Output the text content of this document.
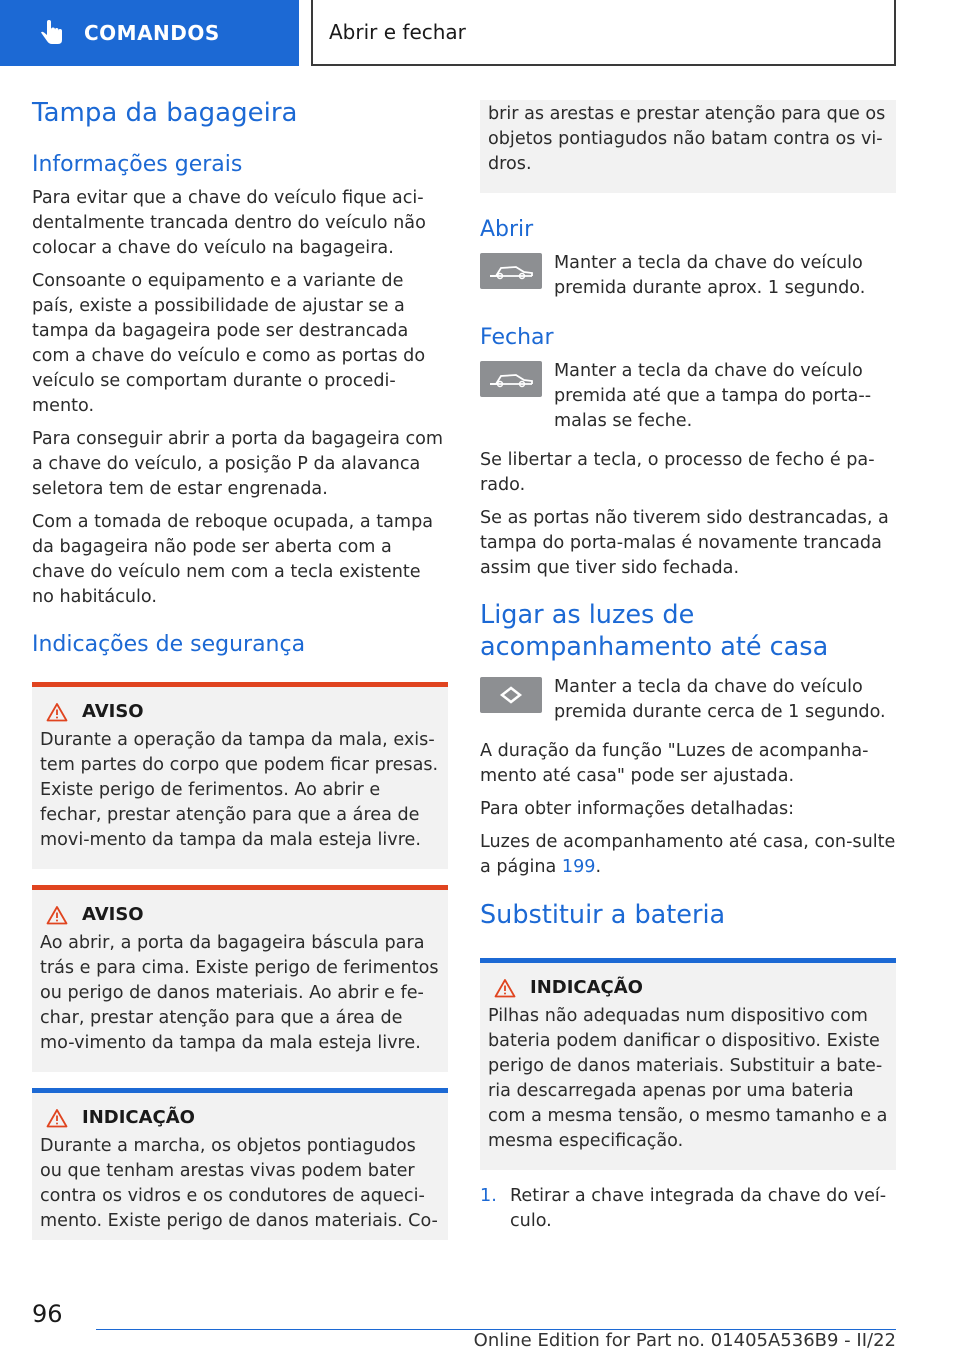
COMANDOS	Abrir e fechar
Tampa da bagageira
Informações gerais

Para evitar que a chave do veículo fique aci-dentalmente trancada dentro do veículo não colocar a chave do veículo na bagageira.

Consoante o equipamento e a variante de país, existe a possibilidade de ajustar se a tampa da bagageira pode ser destrancada com a chave do veículo e como as portas do veículo se comportam durante o procedi-mento.

Para conseguir abrir a porta da bagageira com a chave do veículo, a posição P da alavanca seletora tem de estar engrenada.

Com a tomada de reboque ocupada, a tampa da bagageira não pode ser aberta com a chave do veículo nem com a tecla existente no habitáculo.

Indicações de segurança
AVISO

Durante a operação da tampa da mala, exis-tem partes do corpo que podem ficar presas. Existe perigo de ferimentos. Ao abrir e fechar, prestar atenção para que a área de movi-mento da tampa da mala esteja livre.

AVISO

Ao abrir, a porta da bagageira báscula para trás e para cima. Existe perigo de ferimentos ou perigo de danos materiais. Ao abrir e fe-char, prestar atenção para que a área de mo-vimento da tampa da mala esteja livre.

INDICAÇÃO

Durante a marcha, os objetos pontiagudos ou que tenham arestas vivas podem bater contra os vidros e os condutores de aqueci-mento. Existe perigo de danos materiais. Co-

brir as arestas e prestar atenção para que os objetos pontiagudos não batam contra os vi-dros.

Abrir
Manter a tecla da chave do veículo premida durante aprox. 1 segundo.
Fechar
Manter a tecla da chave do veículo premida até que a tampa do porta--malas se feche.

Se libertar a tecla, o processo de fecho é pa-rado.

Se as portas não tiverem sido destrancadas, a tampa do porta-malas é novamente trancada assim que tiver sido fechada.

Ligar as luzes de acompanhamento até casa
Manter a tecla da chave do veículo premida durante cerca de 1 segundo.

A duração da função "Luzes de acompanha-mento até casa" pode ser ajustada.

Para obter informações detalhadas:

Luzes de acompanhamento até casa, con-sulte a página 199.

Substituir a bateria
INDICAÇÃO

Pilhas não adequadas num dispositivo com bateria podem danificar o dispositivo. Existe perigo de danos materiais. Substituir a bate-ria descarregada apenas por uma bateria com a mesma tensão, o mesmo tamanho e a mesma especificação.

1. Retirar a chave integrada da chave do veí-culo.
96
Online Edition for Part no. 01405A536B9 - II/22
